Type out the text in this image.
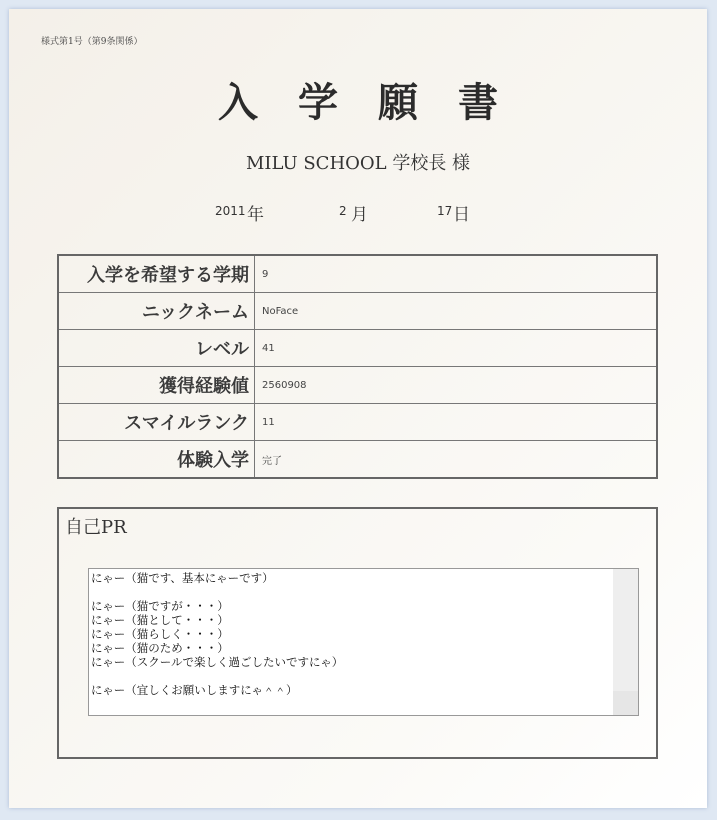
様式第1号（第9条関係）
入学願書
MILU SCHOOL 学校長 様
2011 年	2 月	17 日
入学を希望する学期	9
ニックネーム	NoFace
レベル	41
獲得経験値	2560908
スマイルランク	11
体験入学	完了
自己PR
にゃー（猫です、基本にゃーです）

にゃー（猫ですが・・・）
にゃー（猫として・・・）
にゃー（猫らしく・・・）
にゃー（猫のため・・・）
にゃー（スクールで楽しく過ごしたいですにゃ）

にゃー（宜しくお願いしますにゃ＾＾）
